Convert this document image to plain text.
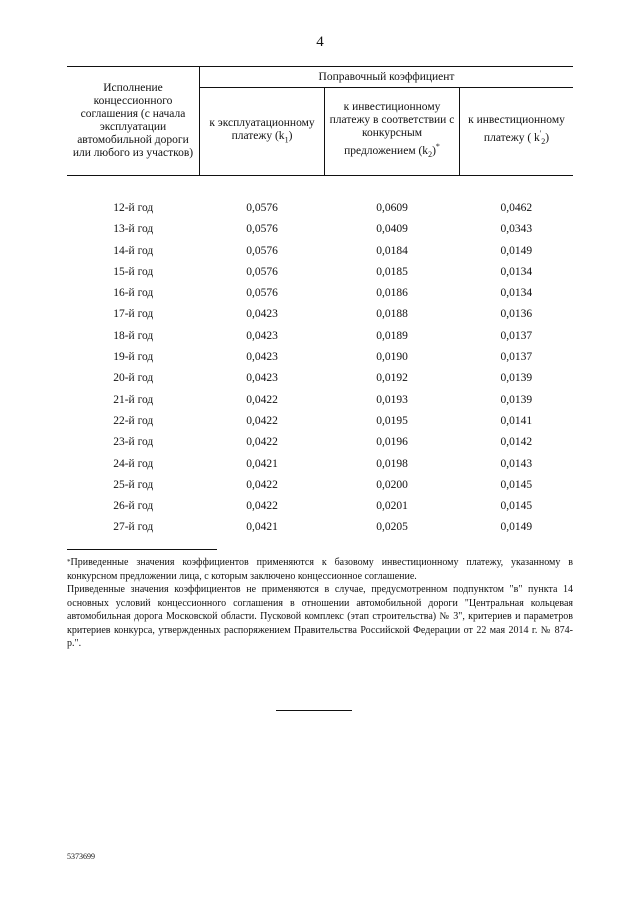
4
Исполнение концессионного соглашения (с начала эксплуатации автомобильной дороги или любого из участков)	Поправочный коэффициент		
	к эксплуатационному платежу $(k_1)$	к инвестиционному платежу в соответствии с конкурсным предложением $(k_2)^*$	к инвестиционному платежу ( $k'_2$)

12-й год	0,0576	0,0609	0,0462
13-й год	0,0576	0,0409	0,0343
14-й год	0,0576	0,0184	0,0149
15-й год	0,0576	0,0185	0,0134
16-й год	0,0576	0,0186	0,0134
17-й год	0,0423	0,0188	0,0136
18-й год	0,0423	0,0189	0,0137
19-й год	0,0423	0,0190	0,0137
20-й год	0,0423	0,0192	0,0139
21-й год	0,0422	0,0193	0,0139
22-й год	0,0422	0,0195	0,0141
23-й год	0,0422	0,0196	0,0142
24-й год	0,0421	0,0198	0,0143
25-й год	0,0422	0,0200	0,0145
26-й год	0,0422	0,0201	0,0145
27-й год	0,0421	0,0205	0,0149

*Приведенные значения коэффициентов применяются к базовому инвестиционному платежу, указанному в конкурсном предложении лица, с которым заключено концессионное соглашение.

Приведенные значения коэффициентов не применяются в случае, предусмотренном подпунктом "в" пункта 14 основных условий концессионного соглашения в отношении автомобильной дороги "Центральная кольцевая автомобильная дорога Московской области. Пусковой комплекс (этап строительства) № 3", критериев и параметров критериев конкурса, утвержденных распоряжением Правительства Российской Федерации от 22 мая 2014 г. № 874-р.".

5373699
